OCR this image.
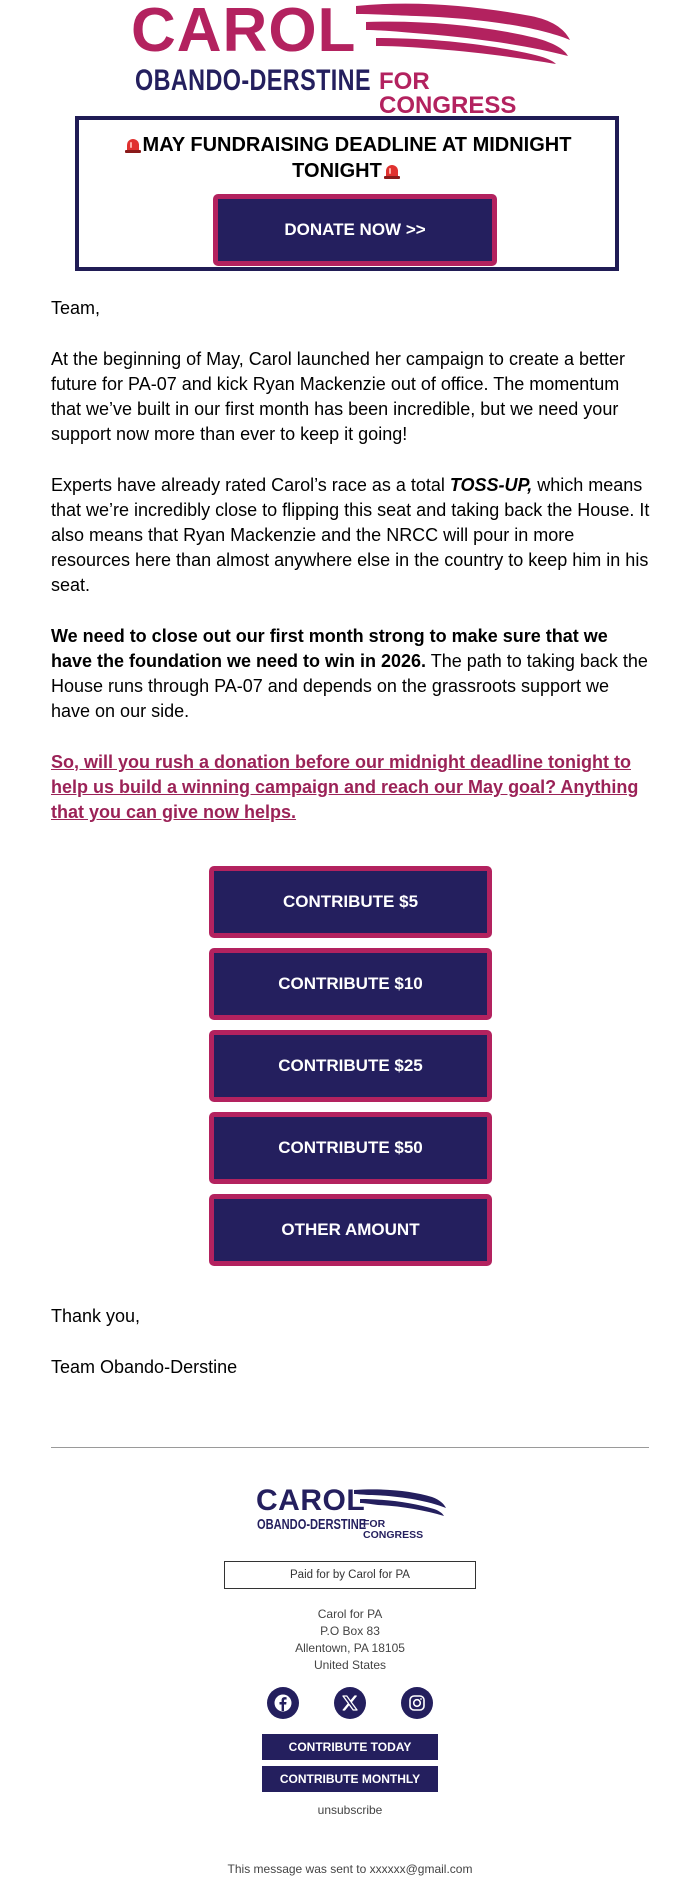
CAROL
OBANDO-DERSTINE FOR CONGRESS
MAY FUNDRAISING DEADLINE AT MIDNIGHT TONIGHT
DONATE NOW >>
Team,
At the beginning of May, Carol launched her campaign to create a better future for PA-07 and kick Ryan Mackenzie out of office. The momentum that we’ve built in our first month has been incredible, but we need your support now more than ever to keep it going!
Experts have already rated Carol’s race as a total TOSS-UP, which means that we’re incredibly close to flipping this seat and taking back the House. It also means that Ryan Mackenzie and the NRCC will pour in more resources here than almost anywhere else in the country to keep him in his seat.
We need to close out our first month strong to make sure that we have the foundation we need to win in 2026. The path to taking back the House runs through PA-07 and depends on the grassroots support we have on our side.
So, will you rush a donation before our midnight deadline tonight to help us build a winning campaign and reach our May goal? Anything that you can give now helps.
CONTRIBUTE $5
CONTRIBUTE $10
CONTRIBUTE $25
CONTRIBUTE $50
OTHER AMOUNT
Thank you,
Team Obando-Derstine
CAROL
OBANDO-DERSTINE
FOR CONGRESS
Paid for by Carol for PA
Carol for PA
P.O Box 83
Allentown, PA 18105
United States
CONTRIBUTE TODAY
CONTRIBUTE MONTHLY
unsubscribe
This message was sent to xxxxxx@gmail.com
